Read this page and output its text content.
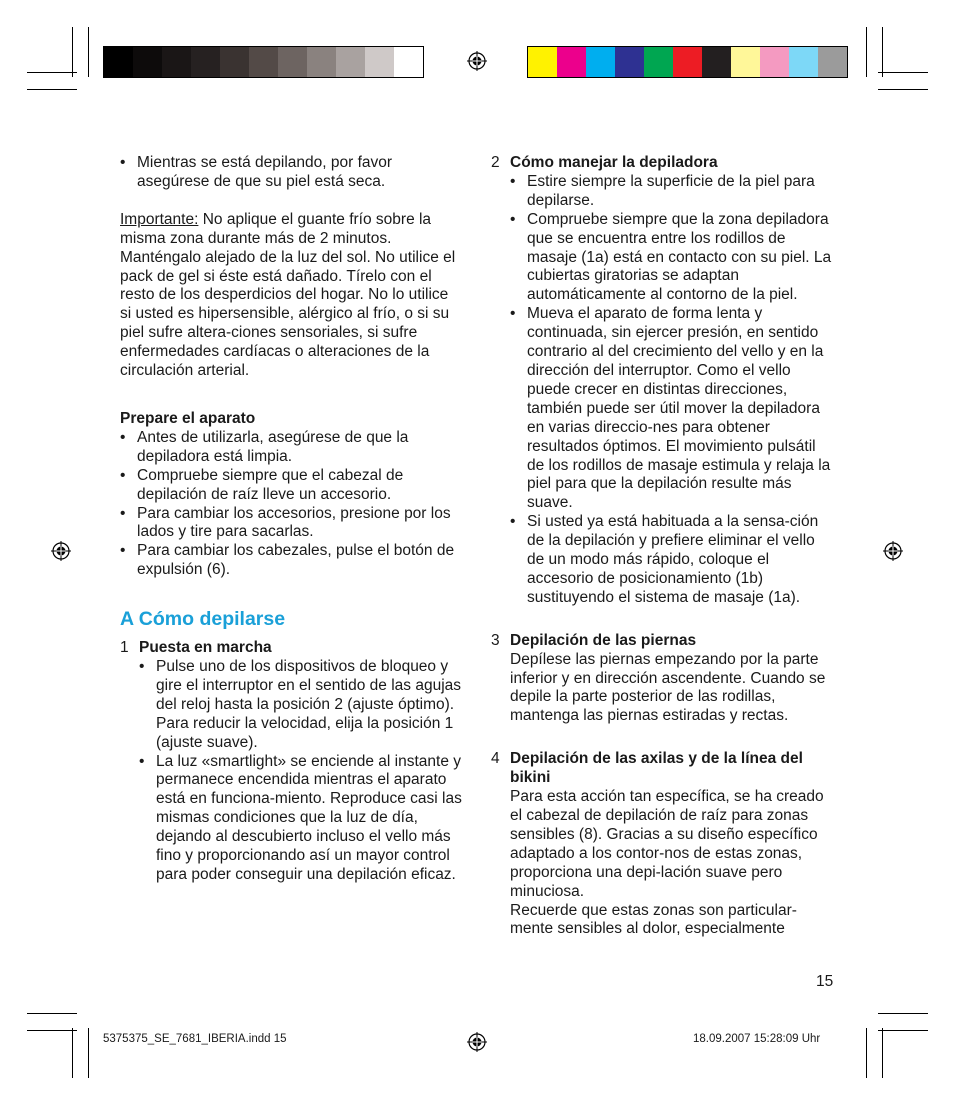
• Mientras se está depilando, por favor asegúrese de que su piel está seca.

Importante: No aplique el guante frío sobre la misma zona durante más de 2 minutos. Manténgalo alejado de la luz del sol. No utilice el pack de gel si éste está dañado. Tírelo con el resto de los desperdicios del hogar. No lo utilice si usted es hipersensible, alérgico al frío, o si su piel sufre altera-ciones sensoriales, si sufre enfermedades cardíacas o alteraciones de la circulación arterial.

Prepare el aparato

• Antes de utilizarla, asegúrese de que la depiladora está limpia.
• Compruebe siempre que el cabezal de depilación de raíz lleve un accesorio.
• Para cambiar los accesorios, presione por los lados y tire para sacarlas.
• Para cambiar los cabezales, pulse el botón de expulsión (6).

A Cómo depilarse

1 Puesta en marcha

• Pulse uno de los dispositivos de bloqueo y gire el interruptor en el sentido de las agujas del reloj hasta la posición 2 (ajuste óptimo). Para reducir la velocidad, elija la posición 1 (ajuste suave).
• La luz «smartlight» se enciende al instante y permanece encendida mientras el aparato está en funciona-miento. Reproduce casi las mismas condiciones que la luz de día, dejando al descubierto incluso el vello más fino y proporcionando así un mayor control para poder conseguir una depilación eficaz.
2 Cómo manejar la depiladora

• Estire siempre la superficie de la piel para depilarse.
• Compruebe siempre que la zona depiladora que se encuentra entre los rodillos de masaje (1a) está en contacto con su piel. La cubiertas giratorias se adaptan automáticamente al contorno de la piel.
• Mueva el aparato de forma lenta y continuada, sin ejercer presión, en sentido contrario al del crecimiento del vello y en la dirección del interruptor. Como el vello puede crecer en distintas direcciones, también puede ser útil mover la depiladora en varias direccio-nes para obtener resultados óptimos. El movimiento pulsátil de los rodillos de masaje estimula y relaja la piel para que la depilación resulte más suave.
• Si usted ya está habituada a la sensa-ción de la depilación y prefiere eliminar el vello de un modo más rápido, coloque el accesorio de posicionamiento (1b) sustituyendo el sistema de masaje (1a).
3 Depilación de las piernas

Depílese las piernas empezando por la parte inferior y en dirección ascendente. Cuando se depile la parte posterior de las rodillas, mantenga las piernas estiradas y rectas.

4 Depilación de las axilas y de la línea del bikini

Para esta acción tan específica, se ha creado el cabezal de depilación de raíz para zonas sensibles (8). Gracias a su diseño específico adaptado a los contor-nos de estas zonas, proporciona una depi-lación suave pero minuciosa.

Recuerde que estas zonas son particular-mente sensibles al dolor, especialmente

15
5375375_SE_7681_IBERIA.indd 15	18.09.2007 15:28:09 Uhr
